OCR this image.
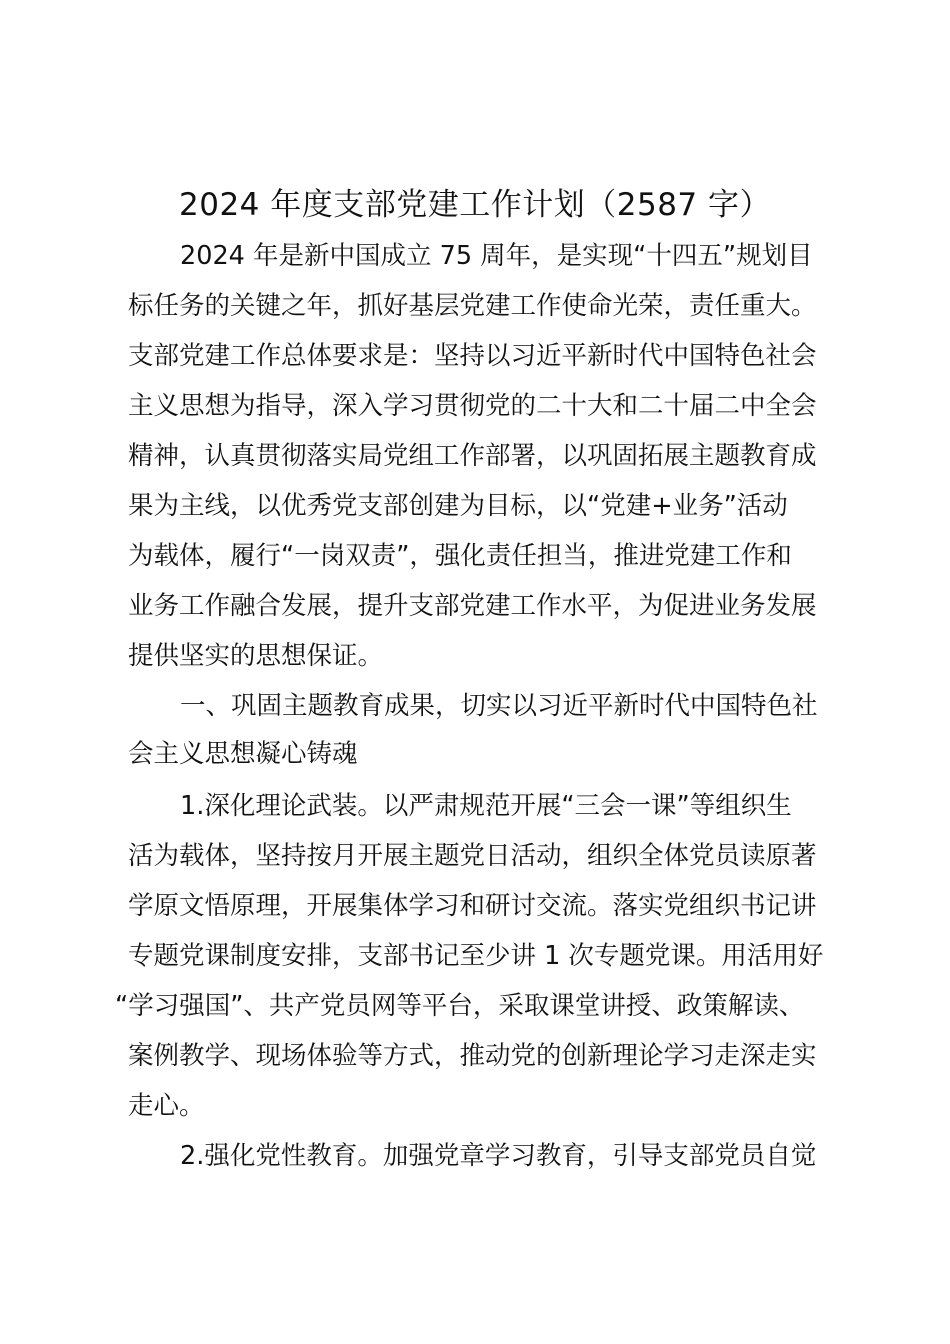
2024 年度支部党建工作计划（2587 字）
2024 年是新中国成立 75 周年，是实现“十四五”规划目
标任务的关键之年，抓好基层党建工作使命光荣，责任重大。
支部党建工作总体要求是：坚持以习近平新时代中国特色社会
主义思想为指导，深入学习贯彻党的二十大和二十届二中全会
精神，认真贯彻落实局党组工作部署，以巩固拓展主题教育成
果为主线，以优秀党支部创建为目标，以“党建+业务”活动
为载体，履行“一岗双责”，强化责任担当，推进党建工作和
业务工作融合发展，提升支部党建工作水平，为促进业务发展
提供坚实的思想保证。
一、巩固主题教育成果，切实以习近平新时代中国特色社
会主义思想凝心铸魂
1.深化理论武装。以严肃规范开展“三会一课”等组织生
活为载体，坚持按月开展主题党日活动，组织全体党员读原著
学原文悟原理，开展集体学习和研讨交流。落实党组织书记讲
专题党课制度安排，支部书记至少讲 1 次专题党课。用活用好
“学习强国”、共产党员网等平台，采取课堂讲授、政策解读、
案例教学、现场体验等方式，推动党的创新理论学习走深走实
走心。
2.强化党性教育。加强党章学习教育，引导支部党员自觉
